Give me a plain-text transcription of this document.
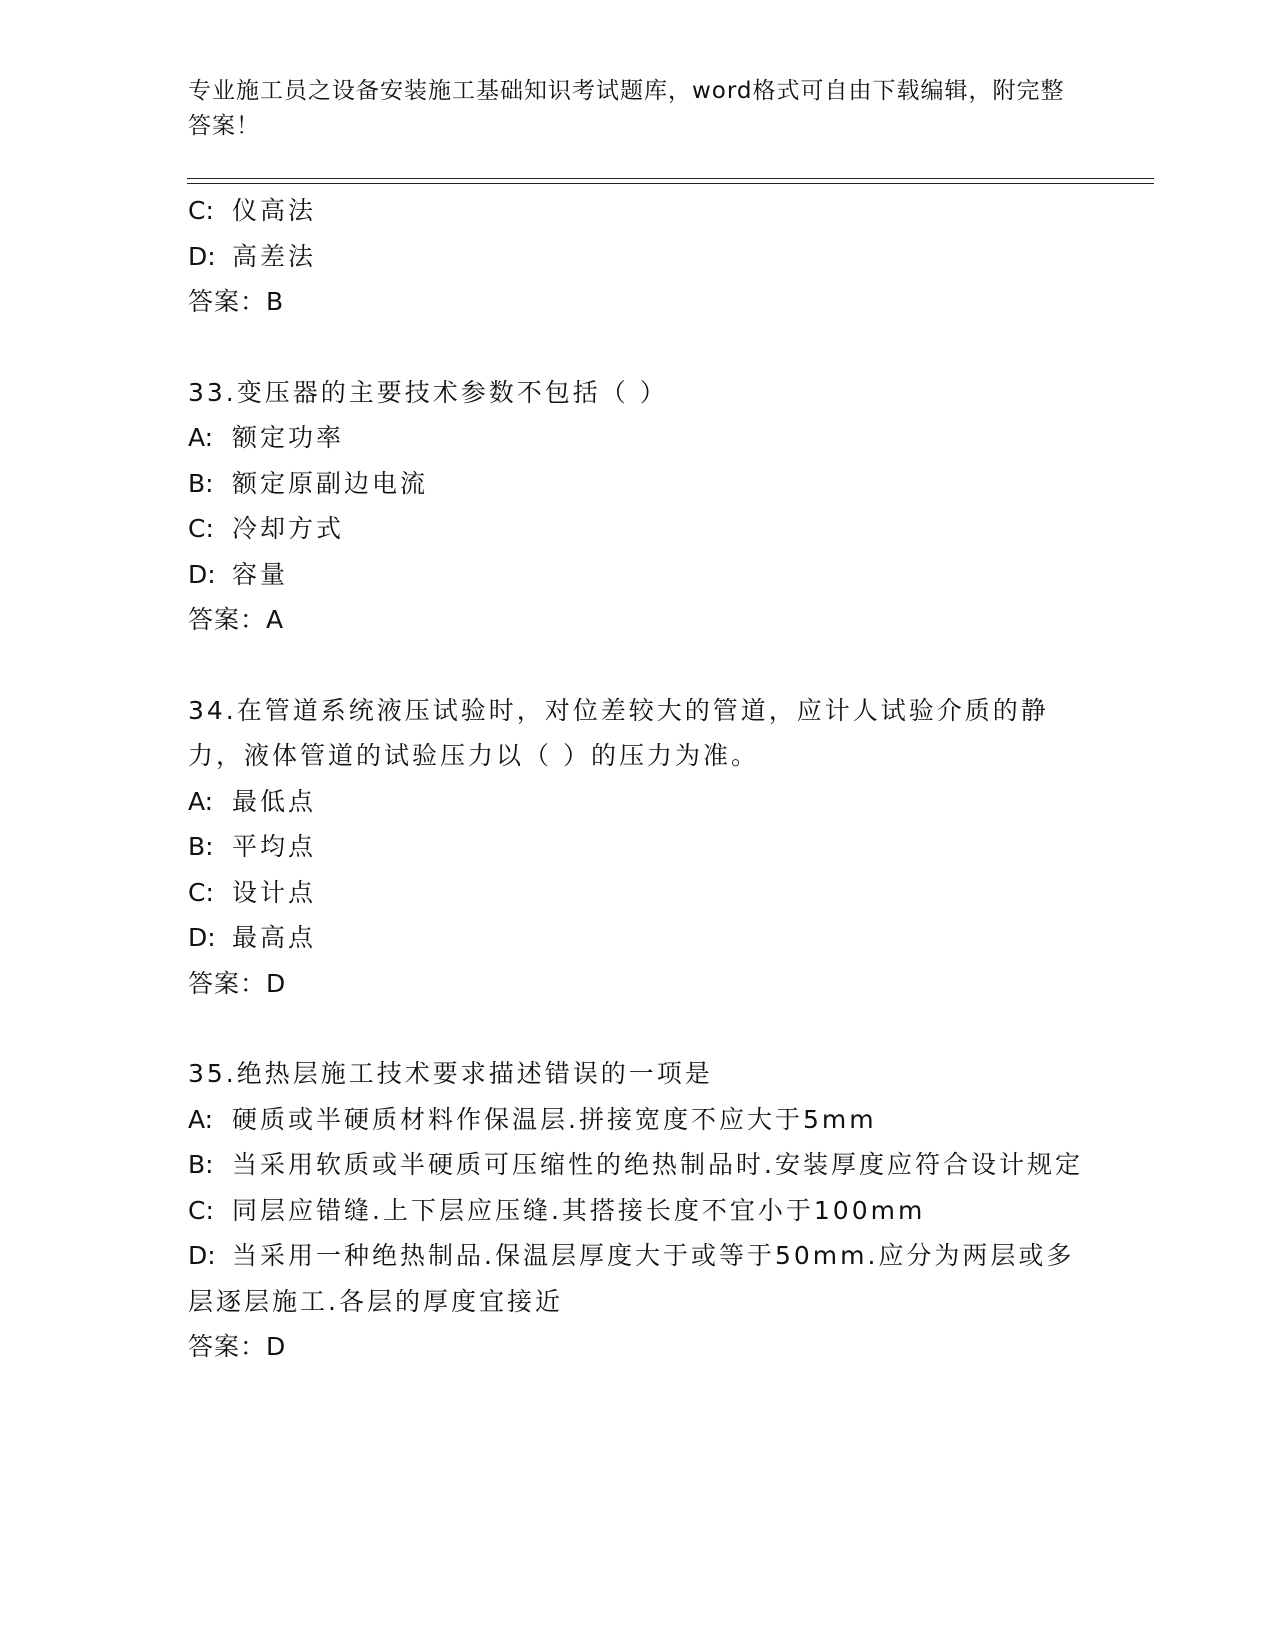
专业施工员之设备安装施工基础知识考试题库，word格式可自由下载编辑，附完整答案！
C: 仪高法
D: 高差法
答案：B
33.变压器的主要技术参数不包括（ ）
A: 额定功率
B: 额定原副边电流
C: 冷却方式
D: 容量
答案：A
34.在管道系统液压试验时，对位差较大的管道，应计人试验介质的静力，液体管道的试验压力以（ ）的压力为准。
A: 最低点
B: 平均点
C: 设计点
D: 最高点
答案：D
35.绝热层施工技术要求描述错误的一项是
A: 硬质或半硬质材料作保温层.拼接宽度不应大于5mm
B: 当采用软质或半硬质可压缩性的绝热制品时.安装厚度应符合设计规定
C: 同层应错缝.上下层应压缝.其搭接长度不宜小于100mm
D: 当采用一种绝热制品.保温层厚度大于或等于50mm.应分为两层或多层逐层施工.各层的厚度宜接近
答案：D
